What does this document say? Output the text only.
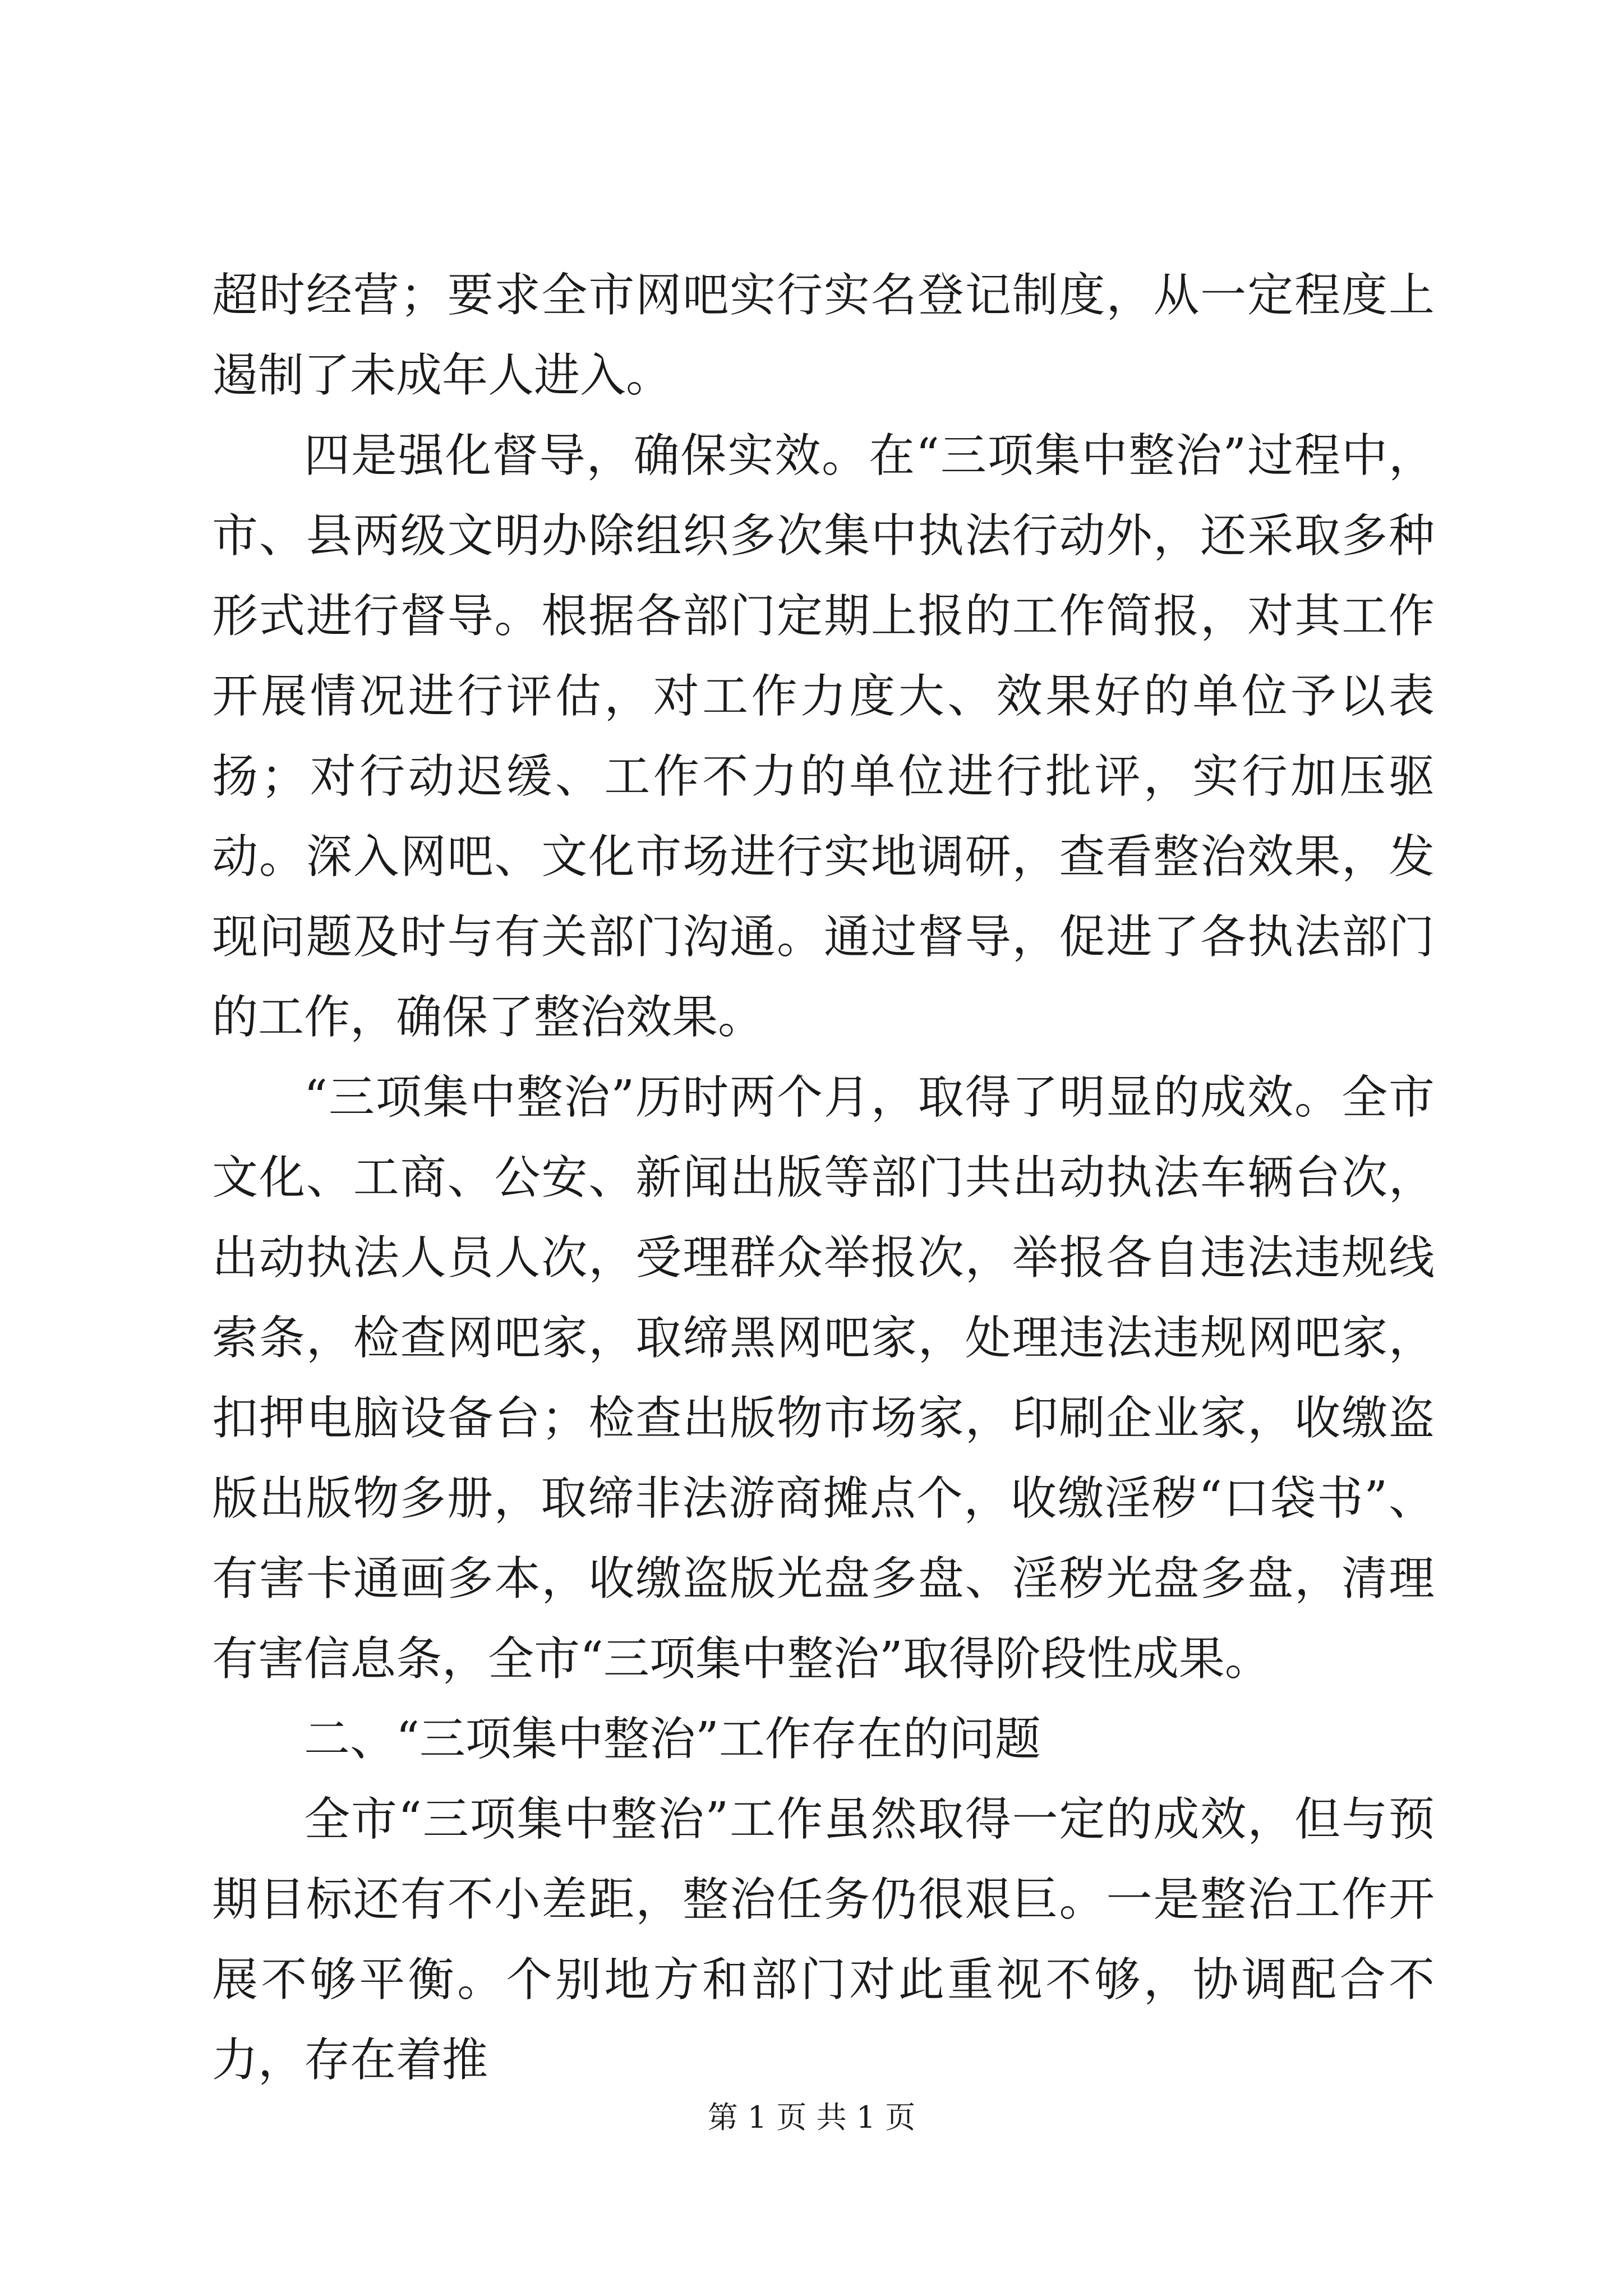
超时经营；要求全市网吧实行实名登记制度，从一定程度上遏制了未成年人进入。

四是强化督导，确保实效。在“三项集中整治”过程中，市、县两级文明办除组织多次集中执法行动外，还采取多种形式进行督导。根据各部门定期上报的工作简报，对其工作开展情况进行评估，对工作力度大、效果好的单位予以表扬；对行动迟缓、工作不力的单位进行批评，实行加压驱动。深入网吧、文化市场进行实地调研，查看整治效果，发现问题及时与有关部门沟通。通过督导，促进了各执法部门的工作，确保了整治效果。

“三项集中整治”历时两个月，取得了明显的成效。全市文化、工商、公安、新闻出版等部门共出动执法车辆台次，出动执法人员人次，受理群众举报次，举报各自违法违规线索条，检查网吧家，取缔黑网吧家，处理违法违规网吧家，扣押电脑设备台；检查出版物市场家，印刷企业家，收缴盗版出版物多册，取缔非法游商摊点个，收缴淫秽“口袋书”、有害卡通画多本，收缴盗版光盘多盘、淫秽光盘多盘，清理有害信息条，全市“三项集中整治”取得阶段性成果。

二、“三项集中整治”工作存在的问题

全市“三项集中整治”工作虽然取得一定的成效，但与预期目标还有不小差距，整治任务仍很艰巨。一是整治工作开展不够平衡。个别地方和部门对此重视不够，协调配合不力，存在着推

第 1 页 共 1 页
